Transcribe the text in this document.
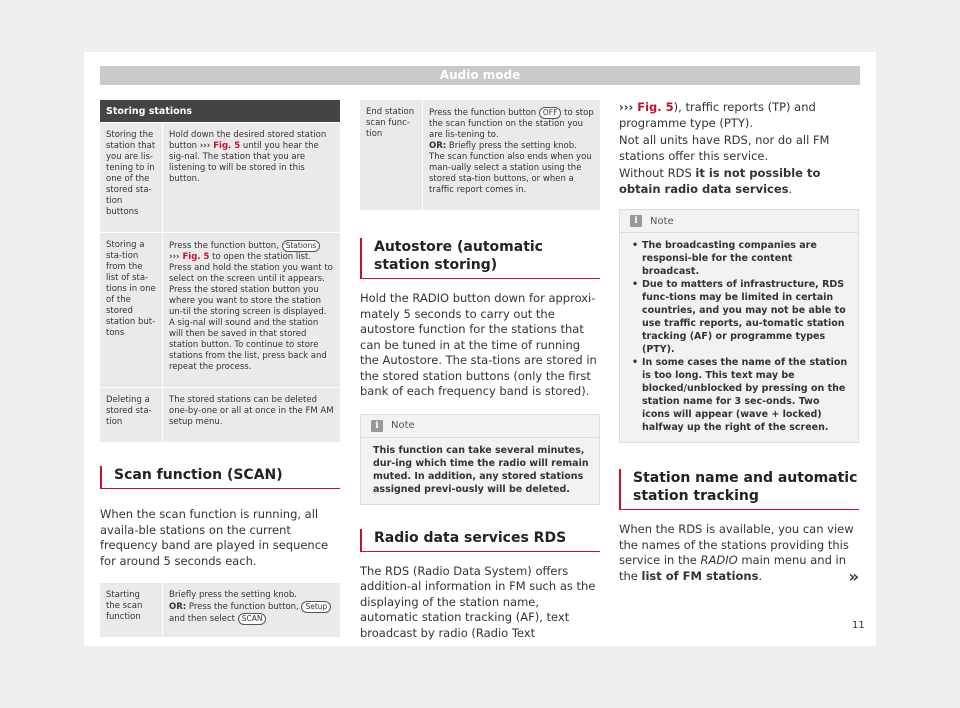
Audio mode
Storing stations	
Storing the station that you are lis-tening to in one of the stored sta-tion buttons	Hold down the desired stored station button ››› Fig. 5 until you hear the sig-nal. The station that you are listening to will be stored in this button.
Storing a sta-tion from the list of sta-tions in one of the stored station but-tons	Press the function button, Stations
››› Fig. 5 to open the station list. Press and hold the station you want to select on the screen until it appears. Press the stored station button you where you want to store the station un-til the storing screen is displayed. A sig-nal will sound and the station will then be saved in that stored station button. To continue to store stations from the list, press back and repeat the process.
Deleting a stored sta-tion	The stored stations can be deleted one-by-one or all at once in the FM AM setup menu.
Scan function (SCAN)

When the scan function is running, all availa-ble stations on the current frequency band are played in sequence for around 5 seconds each.

Starting the scan function	Briefly press the setting knob.
OR: Press the function button, Setup and then select SCAN
End station scan func-tion	Press the function button OFF to stop the scan function on the station you are lis-tening to.
OR: Briefly press the setting knob. The scan function also ends when you man-ually select a station using the stored sta-tion buttons, or when a traffic report comes in.
Autostore (automatic station storing)

Hold the RADIO button down for approxi-mately 5 seconds to carry out the autostore function for the stations that can be tuned in at the time of running the Autostore. The sta-tions are stored in the stored station buttons (only the first bank of each frequency band is stored).

i	Note
This function can take several minutes, dur-ing which time the radio will remain muted. In addition, any stored stations assigned previ-ously will be deleted.
Radio data services RDS

The RDS (Radio Data System) offers addition-al information in FM such as the displaying of the station name, automatic station tracking (AF), text broadcast by radio (Radio Text

››› Fig. 5), traffic reports (TP) and programme type (PTY).

Not all units have RDS, nor do all FM stations offer this service.

Without RDS it is not possible to obtain radio data services.

i	Note
• The broadcasting companies are responsi-ble for the content broadcast.
• Due to matters of infrastructure, RDS func-tions may be limited in certain countries, and you may not be able to use traffic reports, au-tomatic station tracking (AF) or programme types (PTY).
• In some cases the name of the station is too long. This text may be blocked/unblocked by pressing on the station name for 3 sec-onds. Two icons will appear (wave + locked) halfway up the right of the screen.
Station name and automatic station tracking

When the RDS is available, you can view the names of the stations providing this service in the RADIO main menu and in the list of FM stations.	»

11
